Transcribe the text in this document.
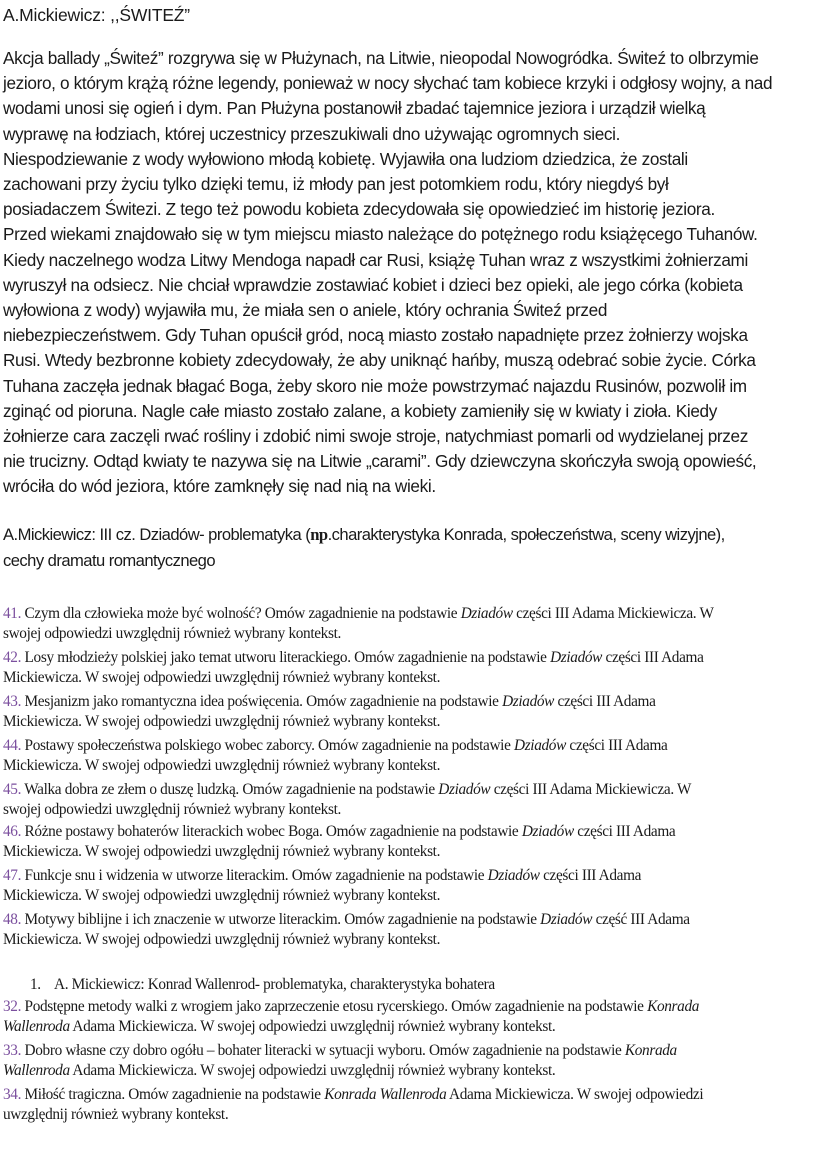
A.Mickiewicz: ,,ŚWITEŹ”
Akcja ballady „Świteź” rozgrywa się w Płużynach, na Litwie, nieopodal Nowogródka. Świteź to olbrzymie
jezioro, o którym krążą różne legendy, ponieważ w nocy słychać tam kobiece krzyki i odgłosy wojny, a nad
wodami unosi się ogień i dym. Pan Płużyna postanowił zbadać tajemnice jeziora i urządził wielką
wyprawę na łodziach, której uczestnicy przeszukiwali dno używając ogromnych sieci.
Niespodziewanie z wody wyłowiono młodą kobietę. Wyjawiła ona ludziom dziedzica, że zostali
zachowani przy życiu tylko dzięki temu, iż młody pan jest potomkiem rodu, który niegdyś był
posiadaczem Świtezi. Z tego też powodu kobieta zdecydowała się opowiedzieć im historię jeziora.
Przed wiekami znajdowało się w tym miejscu miasto należące do potężnego rodu książęcego Tuhanów.
Kiedy naczelnego wodza Litwy Mendoga napadł car Rusi, książę Tuhan wraz z wszystkimi żołnierzami
wyruszył na odsiecz. Nie chciał wprawdzie zostawiać kobiet i dzieci bez opieki, ale jego córka (kobieta
wyłowiona z wody) wyjawiła mu, że miała sen o aniele, który ochrania Świteź przed
niebezpieczeństwem. Gdy Tuhan opuścił gród, nocą miasto zostało napadnięte przez żołnierzy wojska
Rusi. Wtedy bezbronne kobiety zdecydowały, że aby uniknąć hańby, muszą odebrać sobie życie. Córka
Tuhana zaczęła jednak błagać Boga, żeby skoro nie może powstrzymać najazdu Rusinów, pozwolił im
zginąć od pioruna. Nagle całe miasto zostało zalane, a kobiety zamieniły się w kwiaty i zioła. Kiedy
żołnierze cara zaczęli rwać rośliny i zdobić nimi swoje stroje, natychmiast pomarli od wydzielanej przez
nie trucizny. Odtąd kwiaty te nazywa się na Litwie „carami”. Gdy dziewczyna skończyła swoją opowieść,
wróciła do wód jeziora, które zamknęły się nad nią na wieki.
A.Mickiewicz: III cz. Dziadów- problematyka (np.charakterystyka Konrada, społeczeństwa, sceny wizyjne),
cechy dramatu romantycznego
41. Czym dla człowieka może być wolność? Omów zagadnienie na podstawie Dziadów części III Adama Mickiewicza. W
swojej odpowiedzi uwzględnij również wybrany kontekst.
42. Losy młodzieży polskiej jako temat utworu literackiego. Omów zagadnienie na podstawie Dziadów części III Adama
Mickiewicza. W swojej odpowiedzi uwzględnij również wybrany kontekst.
43. Mesjanizm jako romantyczna idea poświęcenia. Omów zagadnienie na podstawie Dziadów części III Adama
Mickiewicza. W swojej odpowiedzi uwzględnij również wybrany kontekst.
44. Postawy społeczeństwa polskiego wobec zaborcy. Omów zagadnienie na podstawie Dziadów części III Adama
Mickiewicza. W swojej odpowiedzi uwzględnij również wybrany kontekst.
45. Walka dobra ze złem o duszę ludzką. Omów zagadnienie na podstawie Dziadów części III Adama Mickiewicza. W
swojej odpowiedzi uwzględnij również wybrany kontekst.
46. Różne postawy bohaterów literackich wobec Boga. Omów zagadnienie na podstawie Dziadów części III Adama
Mickiewicza. W swojej odpowiedzi uwzględnij również wybrany kontekst.
47. Funkcje snu i widzenia w utworze literackim. Omów zagadnienie na podstawie Dziadów części III Adama
Mickiewicza. W swojej odpowiedzi uwzględnij również wybrany kontekst.
48. Motywy biblijne i ich znaczenie w utworze literackim. Omów zagadnienie na podstawie Dziadów część III Adama
Mickiewicza. W swojej odpowiedzi uwzględnij również wybrany kontekst.
1. A. Mickiewicz: Konrad Wallenrod- problematyka, charakterystyka bohatera
32. Podstępne metody walki z wrogiem jako zaprzeczenie etosu rycerskiego. Omów zagadnienie na podstawie Konrada
Wallenroda Adama Mickiewicza. W swojej odpowiedzi uwzględnij również wybrany kontekst.
33. Dobro własne czy dobro ogółu – bohater literacki w sytuacji wyboru. Omów zagadnienie na podstawie Konrada
Wallenroda Adama Mickiewicza. W swojej odpowiedzi uwzględnij również wybrany kontekst.
34. Miłość tragiczna. Omów zagadnienie na podstawie Konrada Wallenroda Adama Mickiewicza. W swojej odpowiedzi
uwzględnij również wybrany kontekst.
